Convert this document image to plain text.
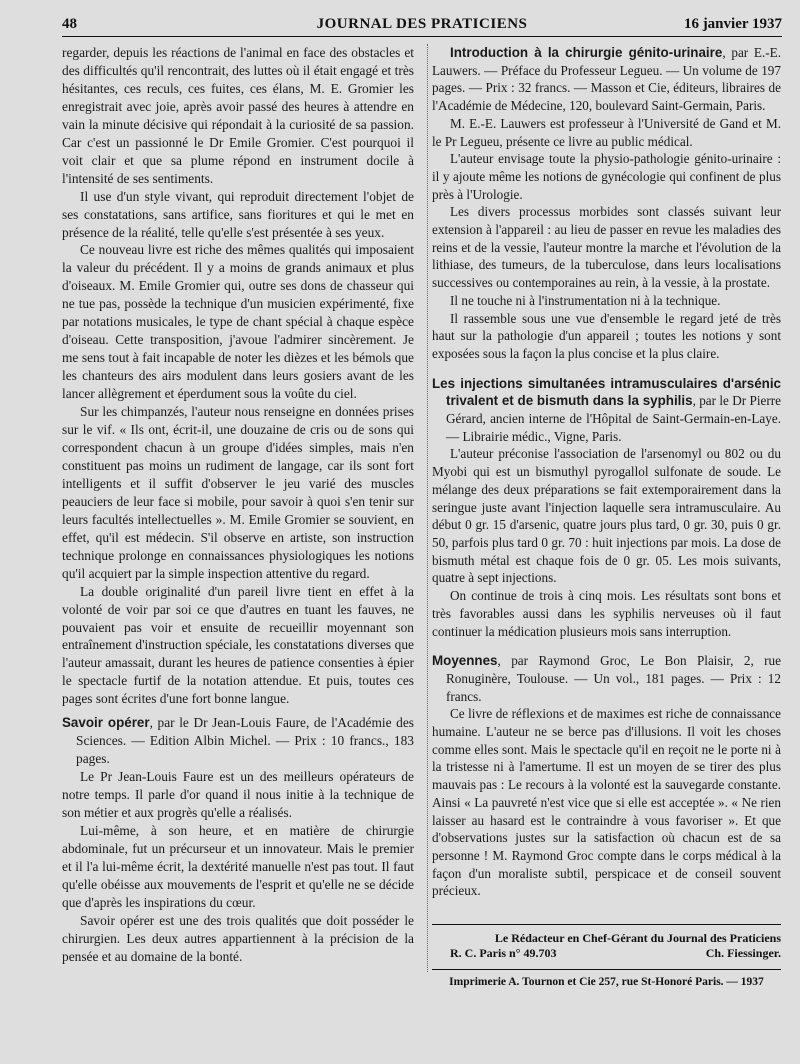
48	JOURNAL DES PRATICIENS	16 janvier 1937

regarder, depuis les réactions de l'animal en face des obstacles et des difficultés qu'il rencontrait, des luttes où il était engagé et très hésitantes, ces reculs, ces fuites, ces élans, M. E. Gromier les enregistrait avec joie, après avoir passé des heures à attendre en vain la minute décisive qui répondait à la curiosité de sa passion. Car c'est un passionné le Dr Emile Gromier. C'est pourquoi il voit clair et que sa plume répond en instrument docile à l'intensité de ses sentiments.

Il use d'un style vivant, qui reproduit directement l'objet de ses constatations, sans artifice, sans fioritures et qui le met en présence de la réalité, telle qu'elle s'est présentée à ses yeux.

Ce nouveau livre est riche des mêmes qualités qui imposaient la valeur du précédent. Il y a moins de grands animaux et plus d'oiseaux. M. Emile Gromier qui, outre ses dons de chasseur qui ne tue pas, possède la technique d'un musicien expérimenté, fixe par notations musicales, le type de chant spécial à chaque espèce d'oiseau. Cette transposition, j'avoue l'admirer sincèrement. Je me sens tout à fait incapable de noter les dièzes et les bémols que les chanteurs des airs modulent dans leurs gosiers avant de les lancer allègrement et éperdument sous la voûte du ciel.

Sur les chimpanzés, l'auteur nous renseigne en données prises sur le vif. « Ils ont, écrit-il, une douzaine de cris ou de sons qui correspondent chacun à un groupe d'idées simples, mais n'en constituent pas moins un rudiment de langage, car ils sont fort intelligents et il suffit d'observer le jeu varié des muscles peauciers de leur face si mobile, pour savoir à quoi s'en tenir sur leurs facultés intellectuelles ». M. Emile Gromier se souvient, en effet, qu'il est médecin. S'il observe en artiste, son instruction technique prolonge en connaissances physiologiques les notions qu'il acquiert par la simple inspection attentive du regard.

La double originalité d'un pareil livre tient en effet à la volonté de voir par soi ce que d'autres en tuant les fauves, ne pouvaient pas voir et ensuite de recueillir moyennant son entraînement d'instruction spéciale, les constatations diverses que l'auteur amassait, durant les heures de patience consenties à épier le spectacle furtif de la notation attendue. Et puis, toutes ces pages sont écrites d'une fort bonne langue.

Savoir opérer, par le Dr Jean-Louis Faure, de l'Académie des Sciences. — Edition Albin Michel. — Prix : 10 francs., 183 pages.

Le Pr Jean-Louis Faure est un des meilleurs opérateurs de notre temps. Il parle d'or quand il nous initie à la technique de son métier et aux progrès qu'elle a réalisés.

Lui-même, à son heure, et en matière de chirurgie abdominale, fut un précurseur et un innovateur. Mais le premier et il l'a lui-même écrit, la dextérité manuelle n'est pas tout. Il faut qu'elle obéisse aux mouvements de l'esprit et qu'elle ne se décide que d'après les inspirations du cœur.

Savoir opérer est une des trois qualités que doit posséder le chirurgien. Les deux autres appartiennent à la précision de la pensée et au domaine de la bonté.

Introduction à la chirurgie génito-urinaire, par E.-E. Lauwers. — Préface du Professeur Legueu. — Un volume de 197 pages. — Prix : 32 francs. — Masson et Cie, éditeurs, libraires de l'Académie de Médecine, 120, boulevard Saint-Germain, Paris.

M. E.-E. Lauwers est professeur à l'Université de Gand et M. le Pr Legueu, présente ce livre au public médical.

L'auteur envisage toute la physio-pathologie génito-urinaire : il y ajoute même les notions de gynécologie qui confinent de plus près à l'Urologie.

Les divers processus morbides sont classés suivant leur extension à l'appareil : au lieu de passer en revue les maladies des reins et de la vessie, l'auteur montre la marche et l'évolution de la lithiase, des tumeurs, de la tuberculose, dans leurs localisations successives ou contemporaines au rein, à la vessie, à la prostate.

Il ne touche ni à l'instrumentation ni à la technique.

Il rassemble sous une vue d'ensemble le regard jeté de très haut sur la pathologie d'un appareil ; toutes les notions y sont exposées sous la façon la plus concise et la plus claire.

Les injections simultanées intramusculaires d'arsénic trivalent et de bismuth dans la syphilis, par le Dr Pierre Gérard, ancien interne de l'Hôpital de Saint-Germain-en-Laye. — Librairie médic., Vigne, Paris.

L'auteur préconise l'association de l'arsenomyl ou 802 ou du Myobi qui est un bismuthyl pyrogallol sulfonate de soude. Le mélange des deux préparations se fait extemporairement dans la seringue juste avant l'injection laquelle sera intramusculaire. Au début 0 gr. 15 d'arsenic, quatre jours plus tard, 0 gr. 30, puis 0 gr. 50, parfois plus tard 0 gr. 70 : huit injections par mois. La dose de bismuth métal est chaque fois de 0 gr. 05. Les mois suivants, quatre à sept injections.

On continue de trois à cinq mois. Les résultats sont bons et très favorables aussi dans les syphilis nerveuses où il faut continuer la médication plusieurs mois sans interruption.

Moyennes, par Raymond Groc, Le Bon Plaisir, 2, rue Ronuginère, Toulouse. — Un vol., 181 pages. — Prix : 12 francs.

Ce livre de réflexions et de maximes est riche de connaissance humaine. L'auteur ne se berce pas d'illusions. Il voit les choses comme elles sont. Mais le spectacle qu'il en reçoit ne le porte ni à la tristesse ni à l'amertume. Il est un moyen de se tirer des plus mauvais pas : Le recours à la volonté est la sauvegarde constante. Ainsi « La pauvreté n'est vice que si elle est acceptée ». « Ne rien laisser au hasard est le contraindre à vous favoriser ». Et que d'observations justes sur la satisfaction où chacun est de sa personne ! M. Raymond Groc compte dans le corps médical à la façon d'un moraliste subtil, perspicace et de conseil souvent précieux.

Le Rédacteur en Chef-Gérant du Journal des Praticiens
R. C. Paris n° 49.703	Ch. Fiessinger.
Imprimerie A. Tournon et Cie 257, rue St-Honoré Paris. — 1937
